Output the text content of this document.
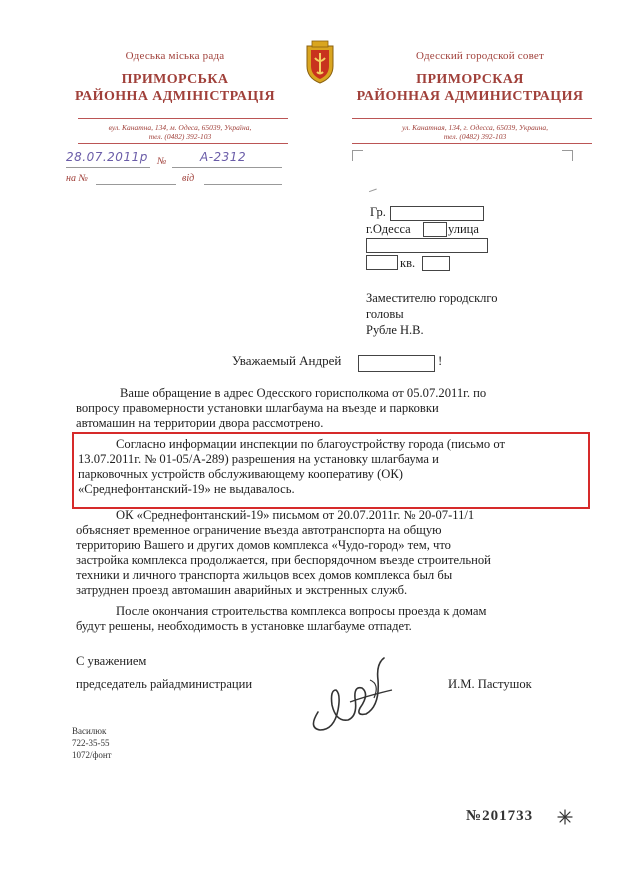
Одеська міська рада
ПРИМОРСЬКА
РАЙОННА АДМІНІСТРАЦІЯ
вул. Канатна, 134, м. Одеса, 65039, Україна,
тел. (0482) 392-103
Одесский городской совет
ПРИМОРСКАЯ
РАЙОННАЯ АДМИНИСТРАЦИЯ
ул. Канатная, 134, г. Одесса, 65039, Украина,
тел. (0482) 392-103
28.07.2011р №	А-2312
на №	від
Гр.
г.Одесса	улица
кв.
Заместителю городсклго
головы
Рубле Н.В.
Уважаемый Андрей	!
Ваше обращение в адрес Одесского горисполкома от 05.07.2011г. по
вопросу правомерности установки шлагбаума на въезде и парковки
автомашин на территории двора рассмотрено.
Согласно информации инспекции по благоустройству города (письмо от
13.07.2011г. № 01-05/А-289) разрешения на установку шлагбаума и
парковочных устройств обслуживающему кооперативу (ОК)
«Среднефонтанский-19» не выдавалось.
ОК «Среднефонтанский-19» письмом от 20.07.2011г. № 20-07-11/1
объясняет временное ограничение въезда автотранспорта на общую
территорию Вашего и других домов комплекса «Чудо-город» тем, что
застройка комплекса продолжается, при беспорядочном въезде строительной
техники и личного транспорта жильцов всех домов комплекса был бы
затруднен проезд автомашин аварийных и экстренных служб.
После окончания строительства комплекса вопросы проезда к домам
будут решены, необходимость в установке шлагбауме отпадет.
С уважением
председатель райадминистрации	И.М. Пастушок
Василюк
722-35-55
1072/фонт
№201733
